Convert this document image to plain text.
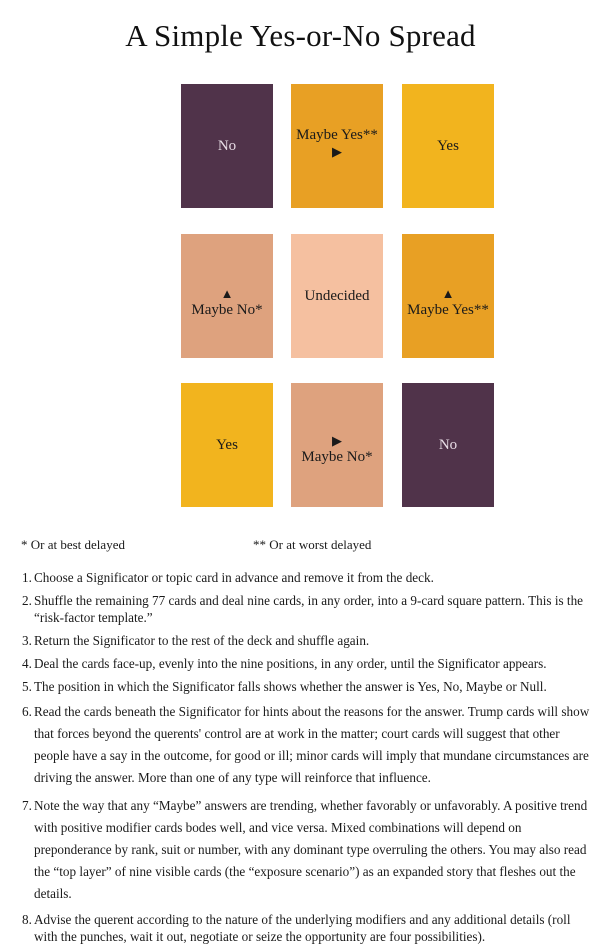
A Simple Yes-or-No Spread
No
Maybe Yes**
▶	Yes
▲
Maybe No*
Undecided	▲
Maybe Yes**
Yes	▶
Maybe No*
No
* Or at best delayed	** Or at worst delayed
1. Choose a Significator or topic card in advance and remove it from the deck.
2. Shuffle the remaining 77 cards and deal nine cards, in any order, into a 9-card square pattern. This is the “risk-factor template.”
3. Return the Significator to the rest of the deck and shuffle again.
4. Deal the cards face-up, evenly into the nine positions, in any order, until the Significator appears.
5. The position in which the Significator falls shows whether the answer is Yes, No, Maybe or Null.
6. Read the cards beneath the Significator for hints about the reasons for the answer. Trump cards will show that forces beyond the querents' control are at work in the matter; court cards will suggest that other people have a say in the outcome, for good or ill; minor cards will imply that mundane circumstances are driving the answer. More than one of any type will reinforce that influence.
7. Note the way that any “Maybe” answers are trending, whether favorably or unfavorably. A positive trend with positive modifier cards bodes well, and vice versa. Mixed combinations will depend on preponderance by rank, suit or number, with any dominant type overruling the others. You may also read the “top layer” of nine visible cards (the “exposure scenario”) as an expanded story that fleshes out the details.
8. Advise the querent according to the nature of the underlying modifiers and any additional details (roll with the punches, wait it out, negotiate or seize the opportunity are four possibilities).
